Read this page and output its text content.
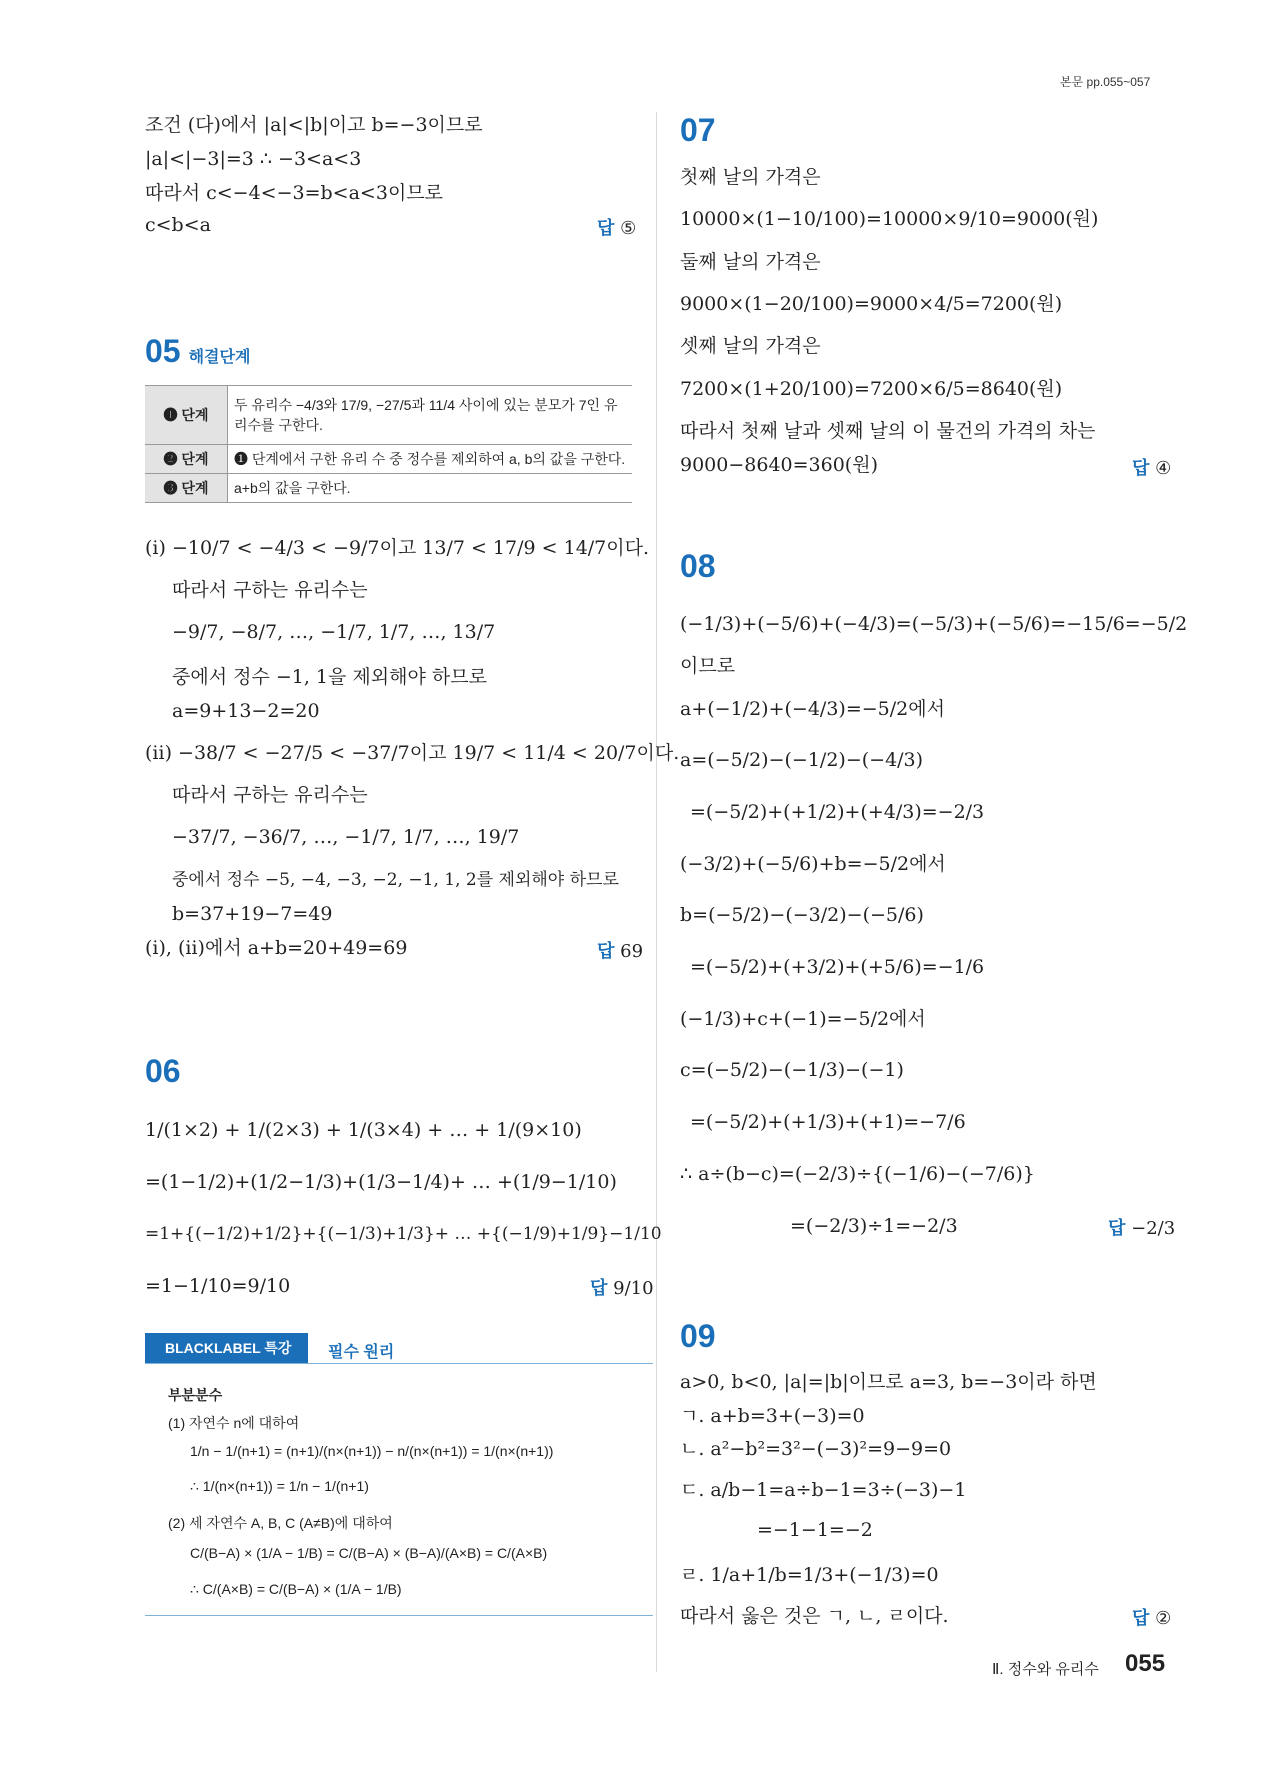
본문 pp.055~057
조건 (다)에서 |a|<|b|이고 b=−3이므로
|a|<|−3|=3 ∴ −3<a<3
따라서 c<−4<−3=b<a<3이므로
c<b<a	답 ⑤
05 해결단계
❶ 단계	두 유리수 −4/3와 17/9, −27/5과 11/4 사이에 있는 분모가 7인 유리수를 구한다.
❷ 단계	❶ 단계에서 구한 유리 수 중 정수를 제외하여 a, b의 값을 구한다.
❸ 단계	a+b의 값을 구한다.
(ⅰ) −10/7 < −4/3 < −9/7이고 13/7 < 17/9 < 14/7이다.
따라서 구하는 유리수는
−9/7, −8/7, …, −1/7, 1/7, …, 13/7
중에서 정수 −1, 1을 제외해야 하므로
a=9+13−2=20
(ⅱ) −38/7 < −27/5 < −37/7이고 19/7 < 11/4 < 20/7이다.
따라서 구하는 유리수는
−37/7, −36/7, …, −1/7, 1/7, …, 19/7
중에서 정수 −5, −4, −3, −2, −1, 1, 2를 제외해야 하므로
b=37+19−7=49
(ⅰ), (ⅱ)에서 a+b=20+49=69	답 69
06
1/(1×2) + 1/(2×3) + 1/(3×4) + … + 1/(9×10)
=(1−1/2)+(1/2−1/3)+(1/3−1/4)+ … +(1/9−1/10)
=1+{(−1/2)+1/2}+{(−1/3)+1/3}+ … +{(−1/9)+1/9}−1/10
=1−1/10=9/10	답 9/10
BLACKLABEL 특강	필수 원리
부분분수
(1) 자연수 n에 대하여
1/n − 1/(n+1) = (n+1)/(n×(n+1)) − n/(n×(n+1)) = 1/(n×(n+1))
∴ 1/(n×(n+1)) = 1/n − 1/(n+1)
(2) 세 자연수 A, B, C (A≠B)에 대하여
C/(B−A) × (1/A − 1/B) = C/(B−A) × (B−A)/(A×B) = C/(A×B)
∴ C/(A×B) = C/(B−A) × (1/A − 1/B)
07
첫째 날의 가격은
10000×(1−10/100)=10000×9/10=9000(원)
둘째 날의 가격은
9000×(1−20/100)=9000×4/5=7200(원)
셋째 날의 가격은
7200×(1+20/100)=7200×6/5=8640(원)
따라서 첫째 날과 셋째 날의 이 물건의 가격의 차는
9000−8640=360(원)	답 ④
08
(−1/3)+(−5/6)+(−4/3)=(−5/3)+(−5/6)=−15/6=−5/2
이므로
a+(−1/2)+(−4/3)=−5/2에서
a=(−5/2)−(−1/2)−(−4/3)
=(−5/2)+(+1/2)+(+4/3)=−2/3
(−3/2)+(−5/6)+b=−5/2에서
b=(−5/2)−(−3/2)−(−5/6)
=(−5/2)+(+3/2)+(+5/6)=−1/6
(−1/3)+c+(−1)=−5/2에서
c=(−5/2)−(−1/3)−(−1)
=(−5/2)+(+1/3)+(+1)=−7/6
∴ a÷(b−c)=(−2/3)÷{(−1/6)−(−7/6)}
=(−2/3)÷1=−2/3	답 −2/3
09
a>0, b<0, |a|=|b|이므로 a=3, b=−3이라 하면
ㄱ. a+b=3+(−3)=0
ㄴ. a²−b²=3²−(−3)²=9−9=0
ㄷ. a/b−1=a÷b−1=3÷(−3)−1
=−1−1=−2
ㄹ. 1/a+1/b=1/3+(−1/3)=0
따라서 옳은 것은 ㄱ, ㄴ, ㄹ이다.	답 ②
Ⅱ. 정수와 유리수 055
